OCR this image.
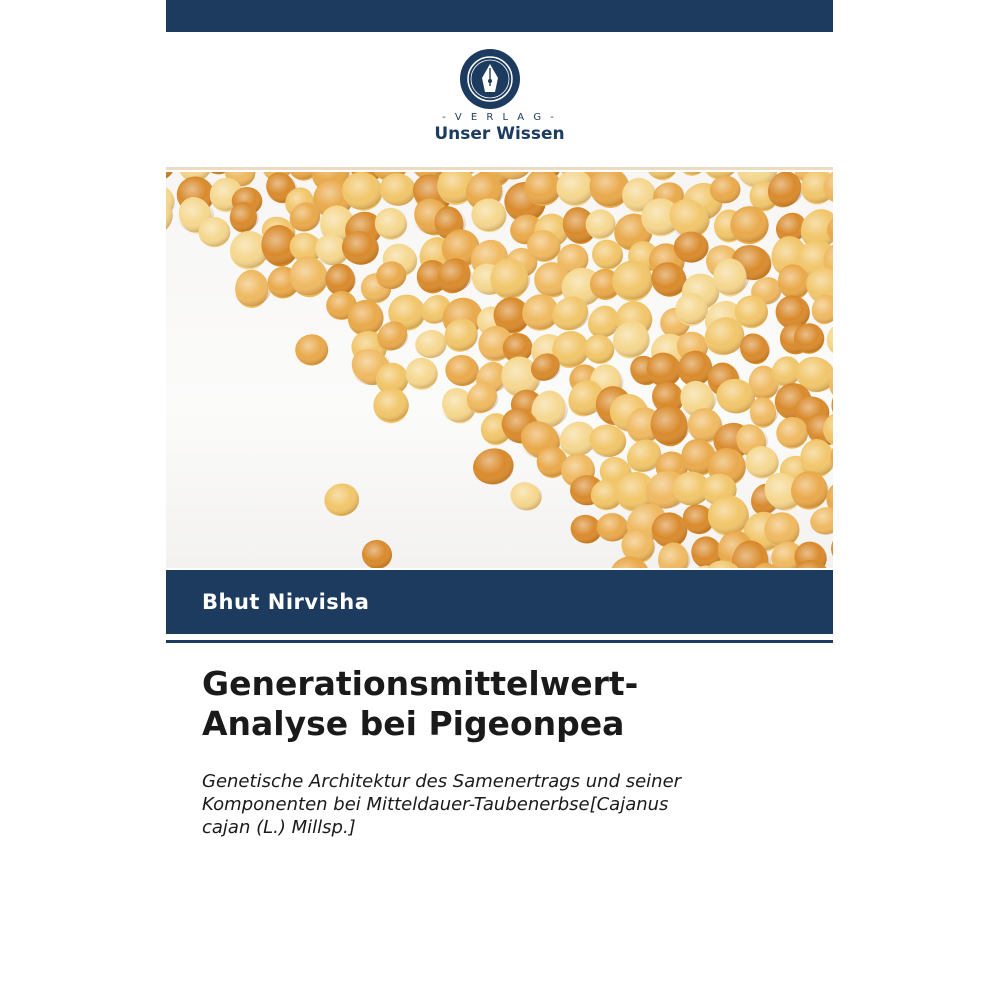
- V E R L A G -
Unser Wissen
Bhut Nirvisha
Generationsmittelwert-
Analyse bei Pigeonpea
Genetische Architektur des Samenertrags und seiner
Komponenten bei Mitteldauer-Taubenerbse[Cajanus
cajan (L.) Millsp.]
